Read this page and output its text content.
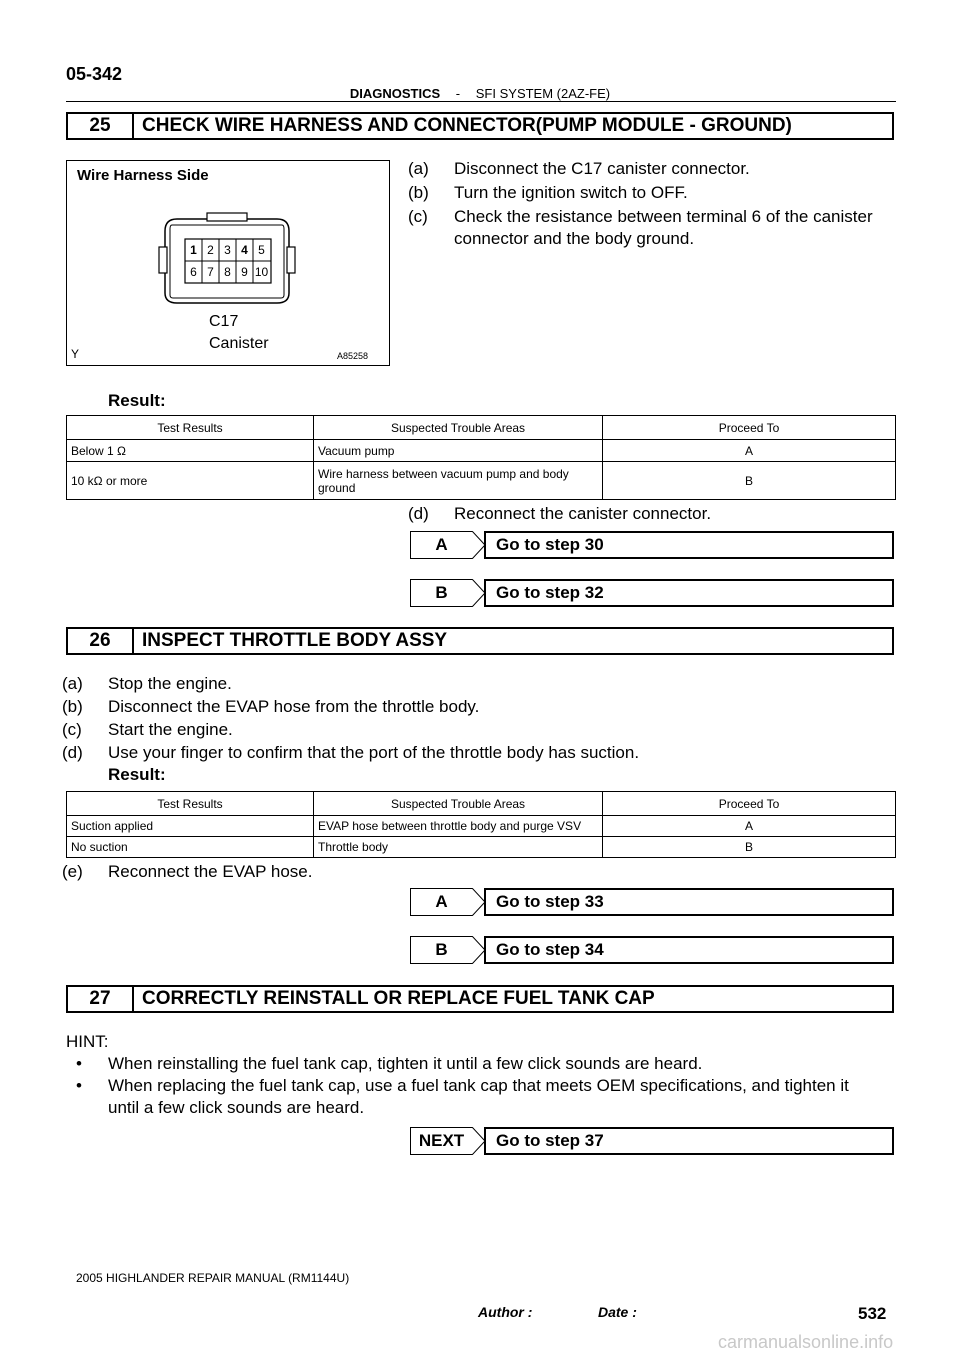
05-342
DIAGNOSTICS - SFI SYSTEM (2AZ-FE)
25	CHECK WIRE HARNESS AND CONNECTOR(PUMP MODULE - GROUND)
Wire Harness Side
1 2 3 4 5
6 7 8 9 10
C17
Canister
Y	A85258
(a) Disconnect the C17 canister connector.
(b) Turn the ignition switch to OFF.
(c) Check the resistance between terminal 6 of the canister
connector and the body ground.
Result:
Test Results	Suspected Trouble Areas	Proceed To
Below 1 Ω	Vacuum pump	A
10 kΩ or more	Wire harness between vacuum pump and body
ground	B
(d) Reconnect the canister connector.
A	Go to step 30
B	Go to step 32
26	INSPECT THROTTLE BODY ASSY
(a) Stop the engine.
(b) Disconnect the EVAP hose from the throttle body.
(c) Start the engine.
(d) Use your finger to confirm that the port of the throttle body has suction.
Result:
Test Results	Suspected Trouble Areas	Proceed To
Suction applied	EVAP hose between throttle body and purge VSV	A
No suction	Throttle body	B
(e) Reconnect the EVAP hose.
A	Go to step 33
B	Go to step 34
27	CORRECTLY REINSTALL OR REPLACE FUEL TANK CAP
HINT:
• When reinstalling the fuel tank cap, tighten it until a few click sounds are heard.
• When replacing the fuel tank cap, use a fuel tank cap that meets OEM specifications, and tighten it
until a few click sounds are heard.
NEXT	Go to step 37
2005 HIGHLANDER REPAIR MANUAL (RM1144U)
Author :	Date :	532
carmanualsonline.info
